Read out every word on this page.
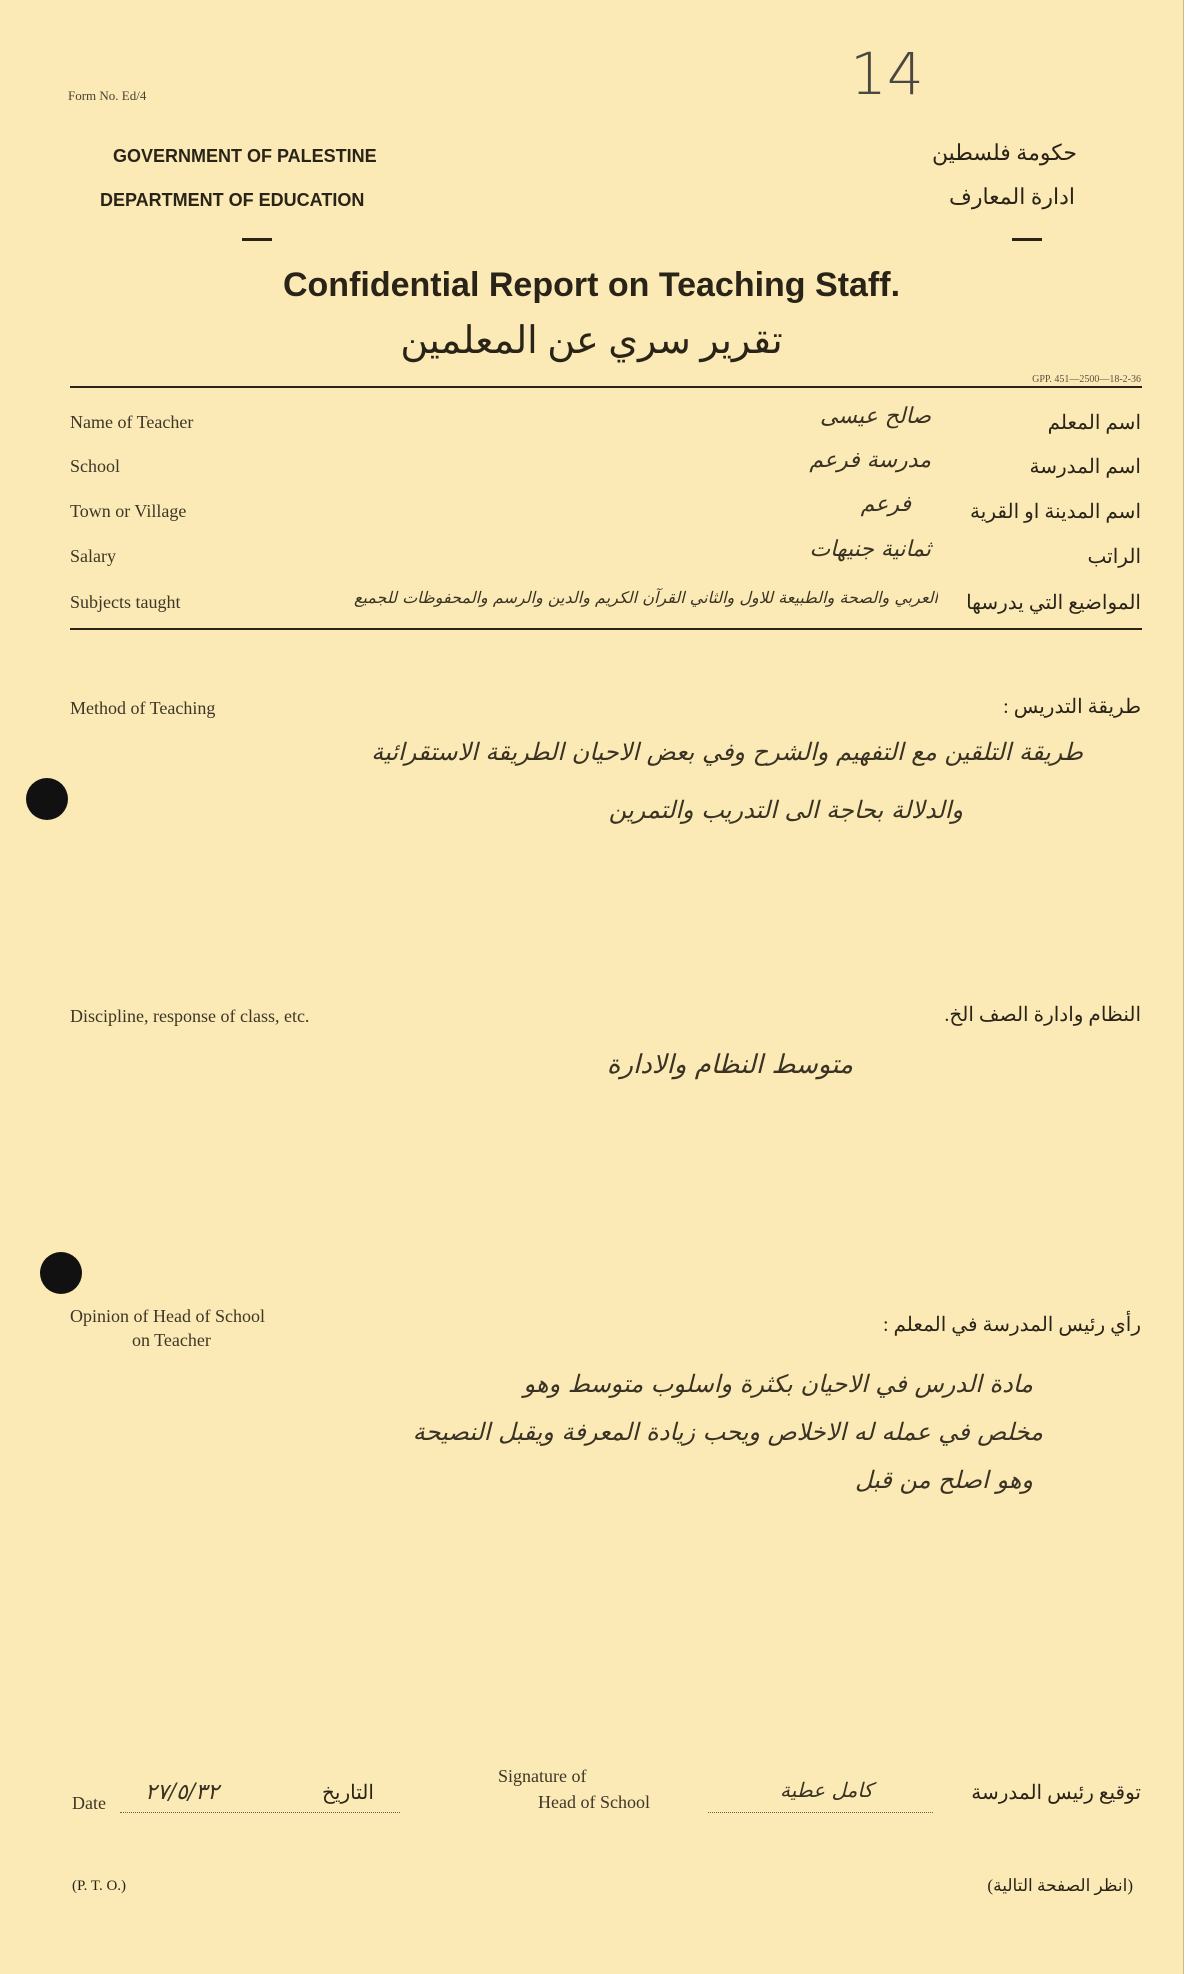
Form No. Ed/4	14
GOVERNMENT OF PALESTINE
DEPARTMENT OF EDUCATION
حكومة فلسطين
ادارة المعارف
Confidential Report on Teaching Staff.
تقرير سري عن المعلمين
GPP. 451—2500—18-2-36
Name of Teacher	اسم المعلم
صالح عيسى
School	اسم المدرسة
مدرسة فرعم
Town or Village	اسم المدينة او القرية
فرعم
Salary	الراتب
ثمانية جنيهات
Subjects taught	المواضيع التي يدرسها
العربي والصحة والطبيعة للاول والثاني القرآن الكريم والدين والرسم والمحفوظات للجميع
Method of Teaching	طريقة التدريس :
طريقة التلقين مع التفهيم والشرح وفي بعض الاحيان الطريقة الاستقرائية
والدلالة بحاجة الى التدريب والتمرين
Discipline, response of class, etc.	النظام وادارة الصف الخ.
متوسط النظام والادارة
Opinion of Head of School
on Teacher
رأي رئيس المدرسة في المعلم :
مادة الدرس في الاحيان بكثرة واسلوب متوسط وهو
مخلص في عمله له الاخلاص ويحب زيادة المعرفة ويقبل النصيحة
وهو اصلح من قبل
Date ٢٧/٥/٣٢	التاريخ
Signature of
Head of School	كامل عطية	توقيع رئيس المدرسة
(P. T. O.)	(انظر الصفحة التالية)
